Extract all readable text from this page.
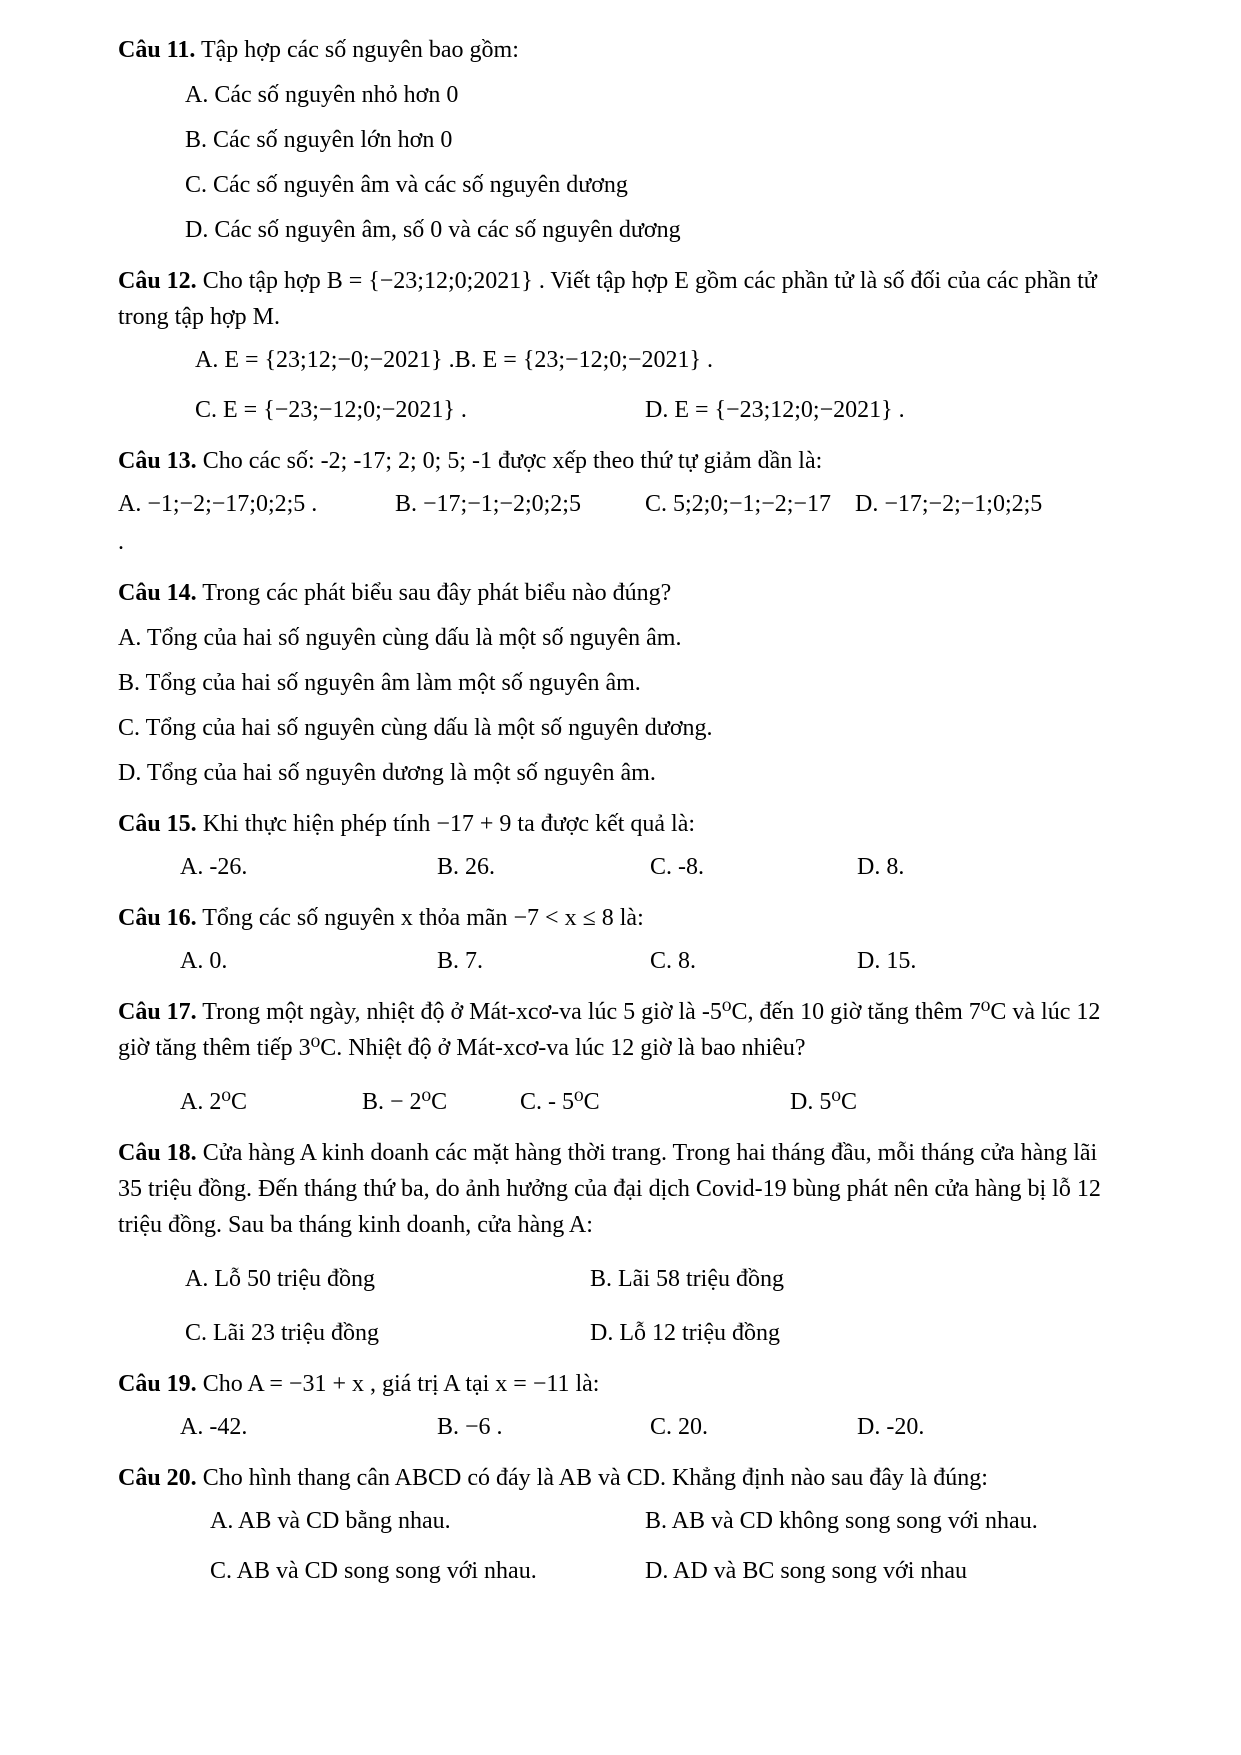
Câu 11. Tập hợp các số nguyên bao gồm:

A. Các số nguyên nhỏ hơn 0
B. Các số nguyên lớn hơn 0
C. Các số nguyên âm và các số nguyên dương
D. Các số nguyên âm, số 0 và các số nguyên dương

Câu 12. Cho tập hợp B = {−23;12;0;2021} . Viết tập hợp E gồm các phần tử là số đối của các phần tử trong tập hợp M.

A. E = {23;12;−0;−2021} .B. E = {23;−12;0;−2021} .
C. E = {−23;−12;0;−2021} .	D. E = {−23;12;0;−2021} .

Câu 13. Cho các số: -2; -17; 2; 0; 5; -1 được xếp theo thứ tự giảm dần là:

A. −1;−2;−17;0;2;5 .	B. −17;−1;−2;0;2;5	C. 5;2;0;−1;−2;−17	D. −17;−2;−1;0;2;5
.

Câu 14. Trong các phát biểu sau đây phát biểu nào đúng?

A. Tổng của hai số nguyên cùng dấu là một số nguyên âm.
B. Tổng của hai số nguyên âm làm một số nguyên âm.
C. Tổng của hai số nguyên cùng dấu là một số nguyên dương.
D. Tổng của hai số nguyên dương là một số nguyên âm.

Câu 15. Khi thực hiện phép tính −17 + 9 ta được kết quả là:

A. -26.	B. 26.	C. -8.	D. 8.

Câu 16. Tổng các số nguyên x thỏa mãn −7 < x ≤ 8 là:

A. 0.	B. 7.	C. 8.	D. 15.

Câu 17. Trong một ngày, nhiệt độ ở Mát-xcơ-va lúc 5 giờ là -5⁰C, đến 10 giờ tăng thêm 7⁰C và lúc 12 giờ tăng thêm tiếp 3⁰C. Nhiệt độ ở Mát-xcơ-va lúc 12 giờ là bao nhiêu?

A. 2⁰C	B. − 2⁰C	C. - 5⁰C	D. 5⁰C

Câu 18. Cửa hàng A kinh doanh các mặt hàng thời trang. Trong hai tháng đầu, mỗi tháng cửa hàng lãi 35 triệu đồng. Đến tháng thứ ba, do ảnh hưởng của đại dịch Covid-19 bùng phát nên cửa hàng bị lỗ 12 triệu đồng. Sau ba tháng kinh doanh, cửa hàng A:

A. Lỗ 50 triệu đồng	B. Lãi 58 triệu đồng
C. Lãi 23 triệu đồng	D. Lỗ 12 triệu đồng

Câu 19. Cho A = −31 + x , giá trị A tại x = −11 là:

A. -42.	B. −6 .	C. 20.	D. -20.

Câu 20. Cho hình thang cân ABCD có đáy là AB và CD. Khẳng định nào sau đây là đúng:

A. AB và CD bằng nhau.	B. AB và CD không song song với nhau.
C. AB và CD song song với nhau.	D. AD và BC song song với nhau
